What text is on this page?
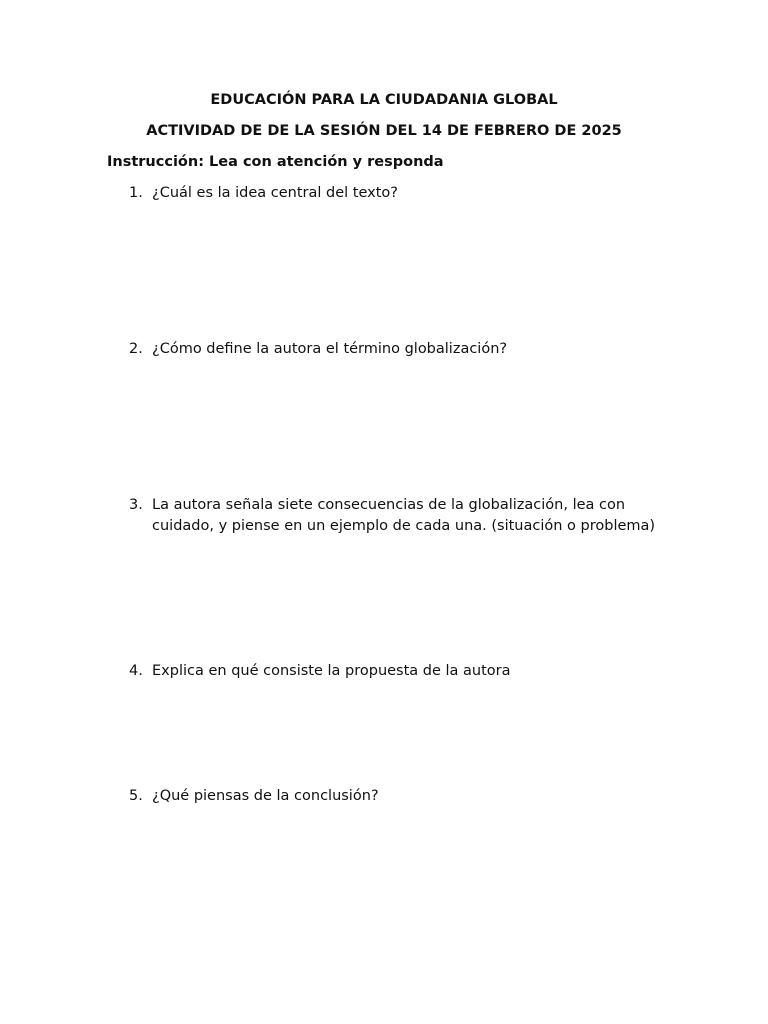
EDUCACIÓN PARA LA CIUDADANIA GLOBAL
ACTIVIDAD DE DE LA SESIÓN DEL 14 DE FEBRERO DE 2025
Instrucción: Lea con atención y responda
1. ¿Cuál es la idea central del texto?
2. ¿Cómo define la autora el término globalización?
3. La autora señala siete consecuencias de la globalización, lea con cuidado, y piense en un ejemplo de cada una. (situación o problema)
4. Explica en qué consiste la propuesta de la autora
5. ¿Qué piensas de la conclusión?
